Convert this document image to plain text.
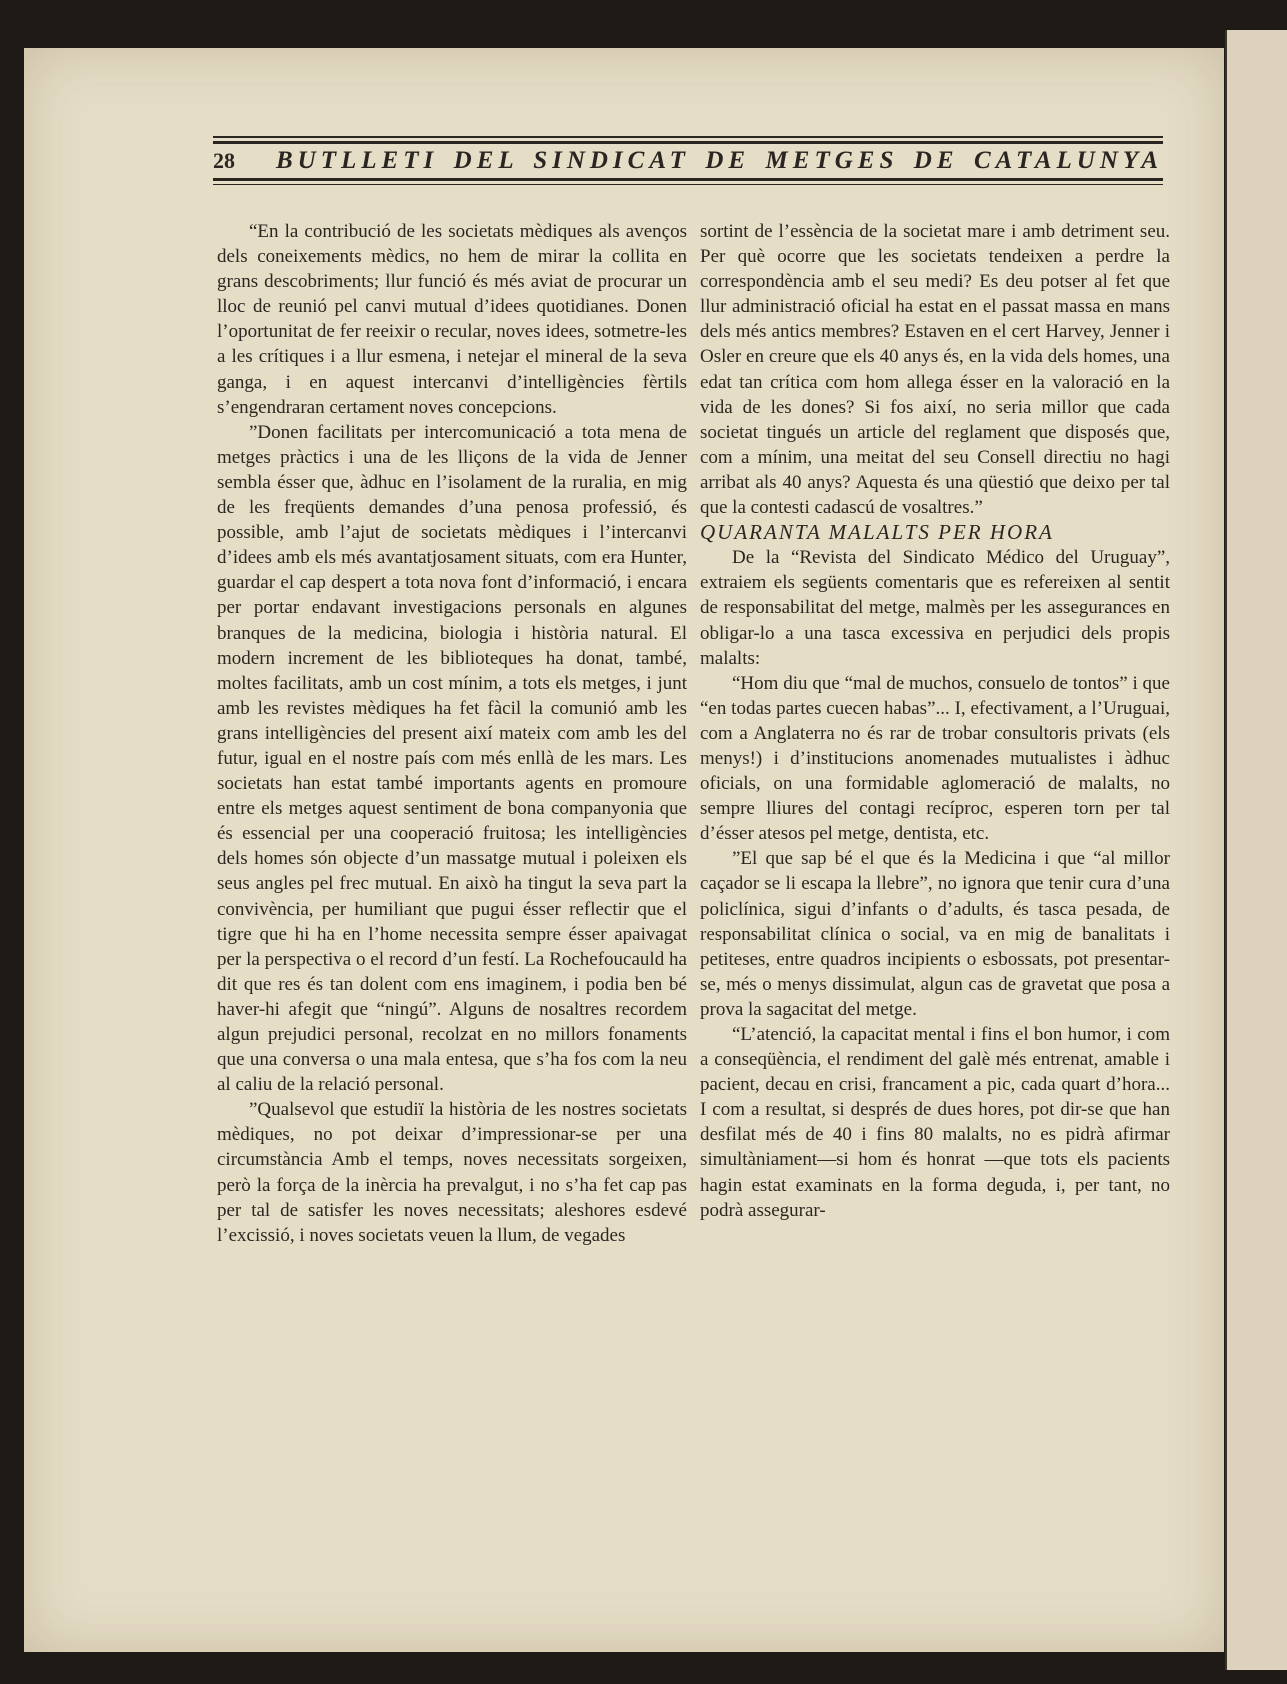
28 BUTLLETI DEL SINDICAT DE METGES DE CATALUNYA

“En la contribució de les societats mèdiques als avenços dels coneixements mèdics, no hem de mirar la collita en grans descobriments; llur funció és més aviat de procurar un lloc de reunió pel canvi mutual d’idees quotidianes. Donen l’oportunitat de fer reeixir o recular, noves idees, sotmetre-les a les crítiques i a llur esmena, i netejar el mineral de la seva ganga, i en aquest intercanvi d’intelligències fèrtils s’engendraran certament noves concepcions.

”Donen facilitats per intercomunicació a tota mena de metges pràctics i una de les lliçons de la vida de Jenner sembla ésser que, àdhuc en l’isolament de la ruralia, en mig de les freqüents demandes d’una penosa professió, és possible, amb l’ajut de societats mèdiques i l’intercanvi d’idees amb els més avantatjosament situats, com era Hunter, guardar el cap despert a tota nova font d’informació, i encara per portar endavant investigacions personals en algunes branques de la medicina, biologia i història natural. El modern increment de les biblioteques ha donat, també, moltes facilitats, amb un cost mínim, a tots els metges, i junt amb les revistes mèdiques ha fet fàcil la comunió amb les grans intelligències del present així mateix com amb les del futur, igual en el nostre país com més enllà de les mars. Les societats han estat també importants agents en promoure entre els metges aquest sentiment de bona companyonia que és essencial per una cooperació fruitosa; les intelligències dels homes són objecte d’un massatge mutual i poleixen els seus angles pel frec mutual. En això ha tingut la seva part la convivència, per humiliant que pugui ésser reflectir que el tigre que hi ha en l’home necessita sempre ésser apaivagat per la perspectiva o el record d’un festí. La Rochefoucauld ha dit que res és tan dolent com ens imaginem, i podia ben bé haver-hi afegit que “ningú”. Alguns de nosaltres recordem algun prejudici personal, recolzat en no millors fonaments que una conversa o una mala entesa, que s’ha fos com la neu al caliu de la relació personal.

”Qualsevol que estudiï la història de les nostres societats mèdiques, no pot deixar d’impressionar-se per una circumstància Amb el temps, noves necessitats sorgeixen, però la força de la inèrcia ha prevalgut, i no s’ha fet cap pas per tal de satisfer les noves necessitats; aleshores esdevé l’excissió, i noves societats veuen la llum, de vegades

sortint de l’essència de la societat mare i amb detriment seu. Per què ocorre que les societats tendeixen a perdre la correspondència amb el seu medi? Es deu potser al fet que llur administració oficial ha estat en el passat massa en mans dels més antics membres? Estaven en el cert Harvey, Jenner i Osler en creure que els 40 anys és, en la vida dels homes, una edat tan crítica com hom allega ésser en la valoració en la vida de les dones? Si fos així, no seria millor que cada societat tingués un article del reglament que disposés que, com a mínim, una meitat del seu Consell directiu no hagi arribat als 40 anys? Aquesta és una qüestió que deixo per tal que la contesti cadascú de vosaltres.”

QUARANTA MALALTS PER HORA

De la “Revista del Sindicato Médico del Uruguay”, extraiem els següents comentaris que es refereixen al sentit de responsabilitat del metge, malmès per les assegurances en obligar-lo a una tasca excessiva en perjudici dels propis malalts:

“Hom diu que “mal de muchos, consuelo de tontos” i que “en todas partes cuecen habas”... I, efectivament, a l’Uruguai, com a Anglaterra no és rar de trobar consultoris privats (els menys!) i d’institucions anomenades mutualistes i àdhuc oficials, on una formidable aglomeració de malalts, no sempre lliures del contagi recíproc, esperen torn per tal d’ésser atesos pel metge, dentista, etc.

”El que sap bé el que és la Medicina i que “al millor caçador se li escapa la llebre”, no ignora que tenir cura d’una policlínica, sigui d’infants o d’adults, és tasca pesada, de responsabilitat clínica o social, va en mig de banalitats i petiteses, entre quadros incipients o esbossats, pot presentar-se, més o menys dissimulat, algun cas de gravetat que posa a prova la sagacitat del metge.

“L’atenció, la capacitat mental i fins el bon humor, i com a conseqüència, el rendiment del galè més entrenat, amable i pacient, decau en crisi, francament a pic, cada quart d’hora... I com a resultat, si després de dues hores, pot dir-se que han desfilat més de 40 i fins 80 malalts, no es pidrà afirmar simultàniament—si hom és honrat —que tots els pacients hagin estat examinats en la forma deguda, i, per tant, no podrà assegurar-
